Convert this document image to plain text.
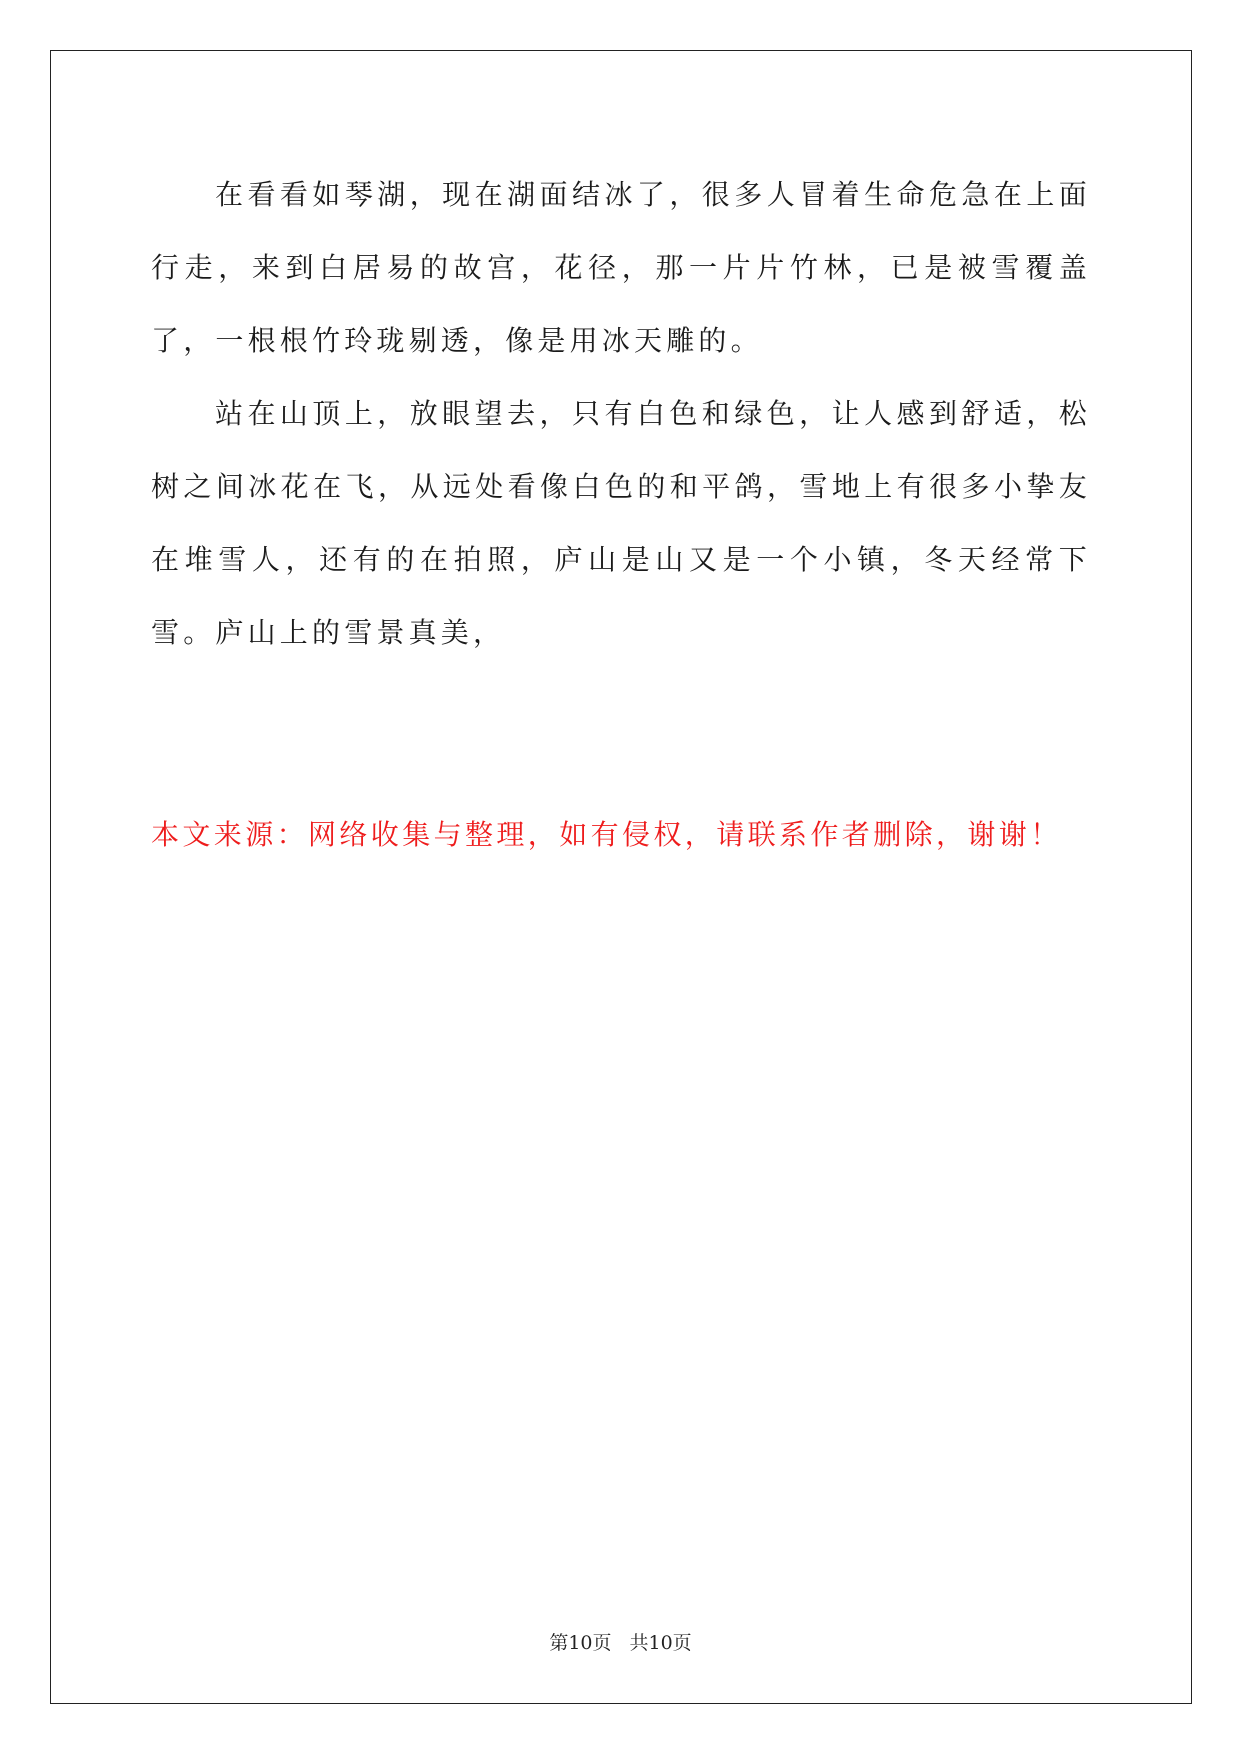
在看看如琴湖，现在湖面结冰了，很多人冒着生命危急在上面行走，来到白居易的故宫，花径，那一片片竹林，已是被雪覆盖了，一根根竹玲珑剔透，像是用冰天雕的。

站在山顶上，放眼望去，只有白色和绿色，让人感到舒适，松树之间冰花在飞，从远处看像白色的和平鸽，雪地上有很多小挚友在堆雪人，还有的在拍照，庐山是山又是一个小镇，冬天经常下雪。庐山上的雪景真美，

本文来源：网络收集与整理，如有侵权，请联系作者删除，谢谢！

第10页 共10页
